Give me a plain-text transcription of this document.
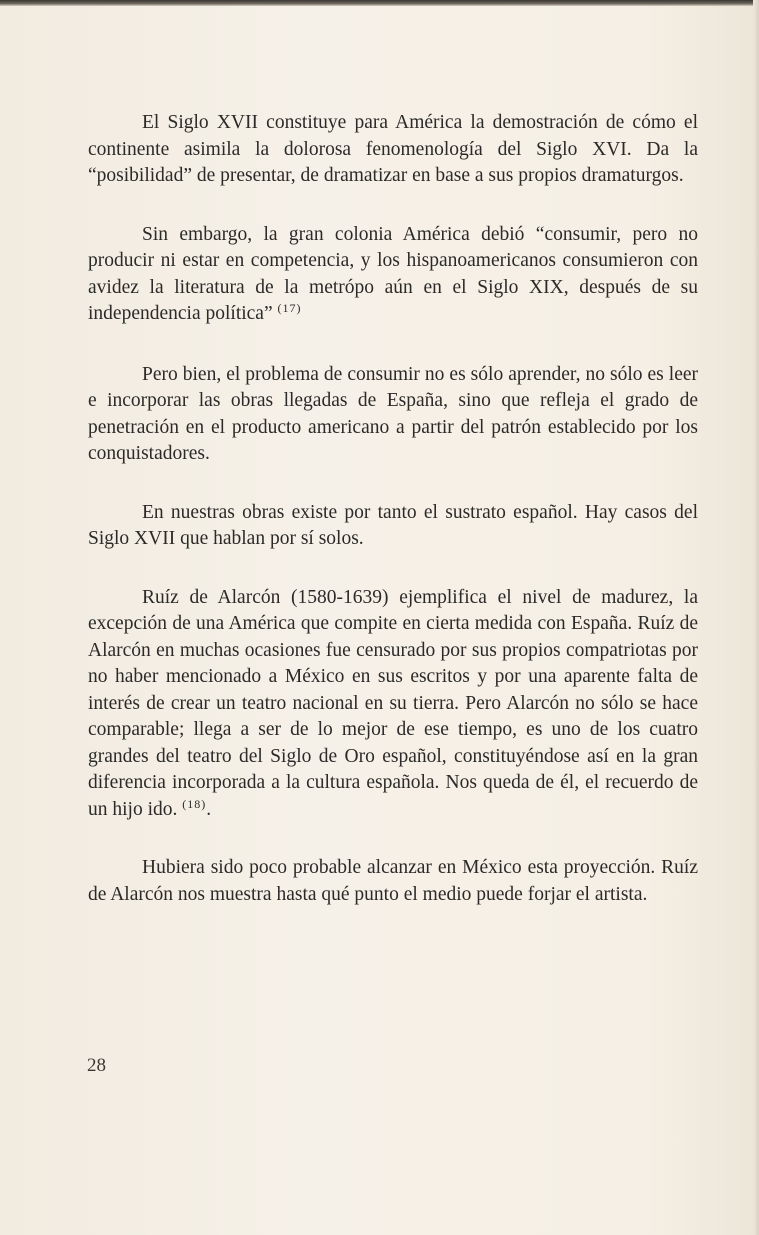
El Siglo XVII constituye para América la demostración de cómo el continente asimila la dolorosa fenomenología del Siglo XVI. Da la “posibilidad” de presentar, de dramatizar en base a sus propios dramaturgos.

Sin embargo, la gran colonia América debió “consumir, pero no producir ni estar en competencia, y los hispanoamericanos consumieron con avidez la literatura de la metrópo aún en el Siglo XIX, después de su independencia política” $^{(17)}$

Pero bien, el problema de consumir no es sólo aprender, no sólo es leer e incorporar las obras llegadas de España, sino que refleja el grado de penetración en el producto americano a partir del patrón establecido por los conquistadores.

En nuestras obras existe por tanto el sustrato español. Hay casos del Siglo XVII que hablan por sí solos.

Ruíz de Alarcón (1580-1639) ejemplifica el nivel de madurez, la excepción de una América que compite en cierta medida con España. Ruíz de Alarcón en muchas ocasiones fue censurado por sus propios compatriotas por no haber mencionado a México en sus escritos y por una aparente falta de interés de crear un teatro nacional en su tierra. Pero Alarcón no sólo se hace comparable; llega a ser de lo mejor de ese tiempo, es uno de los cuatro grandes del teatro del Siglo de Oro español, constituyéndose así en la gran diferencia incorporada a la cultura española. Nos queda de él, el recuerdo de un hijo ido. $^{(18)}$.

Hubiera sido poco probable alcanzar en México esta proyección. Ruíz de Alarcón nos muestra hasta qué punto el medio puede forjar el artista.

28
